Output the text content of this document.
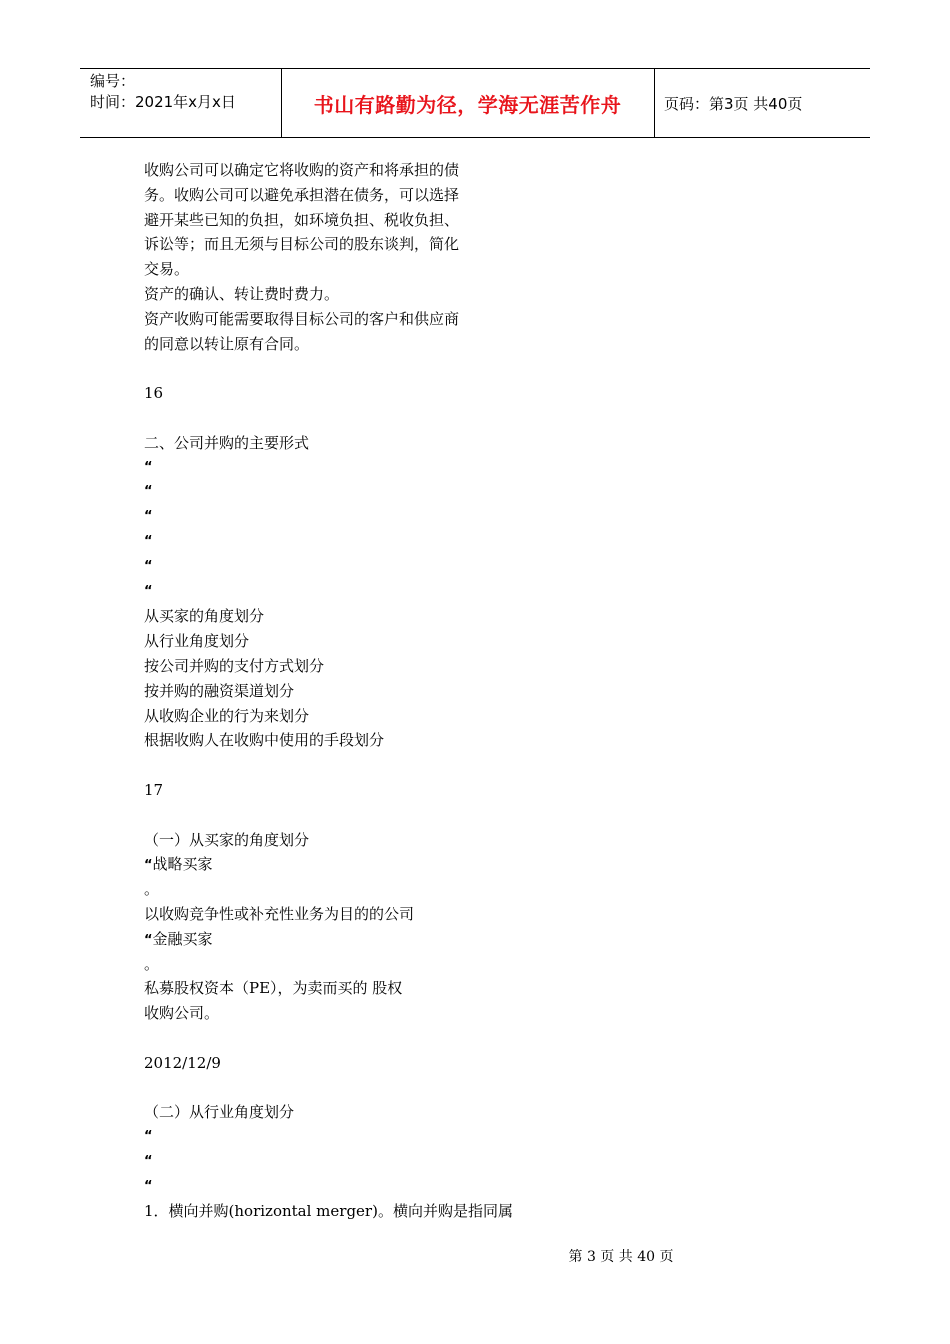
编号：
时间：2021年x月x日	书山有路勤为径，学海无涯苦作舟	页码：第3页 共40页
收购公司可以确定它将收购的资产和将承担的债
务。收购公司可以避免承担潜在债务，可以选择
避开某些已知的负担，如环境负担、税收负担、
诉讼等；而且无须与目标公司的股东谈判，简化
交易。
资产的确认、转让费时费力。
资产收购可能需要取得目标公司的客户和供应商
的同意以转让原有合同。
16
二、公司并购的主要形式
“
“
“
“
“
“
从买家的角度划分
从行业角度划分
按公司并购的支付方式划分
按并购的融资渠道划分
从收购企业的行为来划分
根据收购人在收购中使用的手段划分
17
（一）从买家的角度划分
“战略买家
。
以收购竞争性或补充性业务为目的的公司
“金融买家
。
私募股权资本（PE），为卖而买的 股权
收购公司。
2012/12/9
（二）从行业角度划分
“
“
“
1．横向并购(horizontal merger)。横向并购是指同属
第 3 页 共 40 页
